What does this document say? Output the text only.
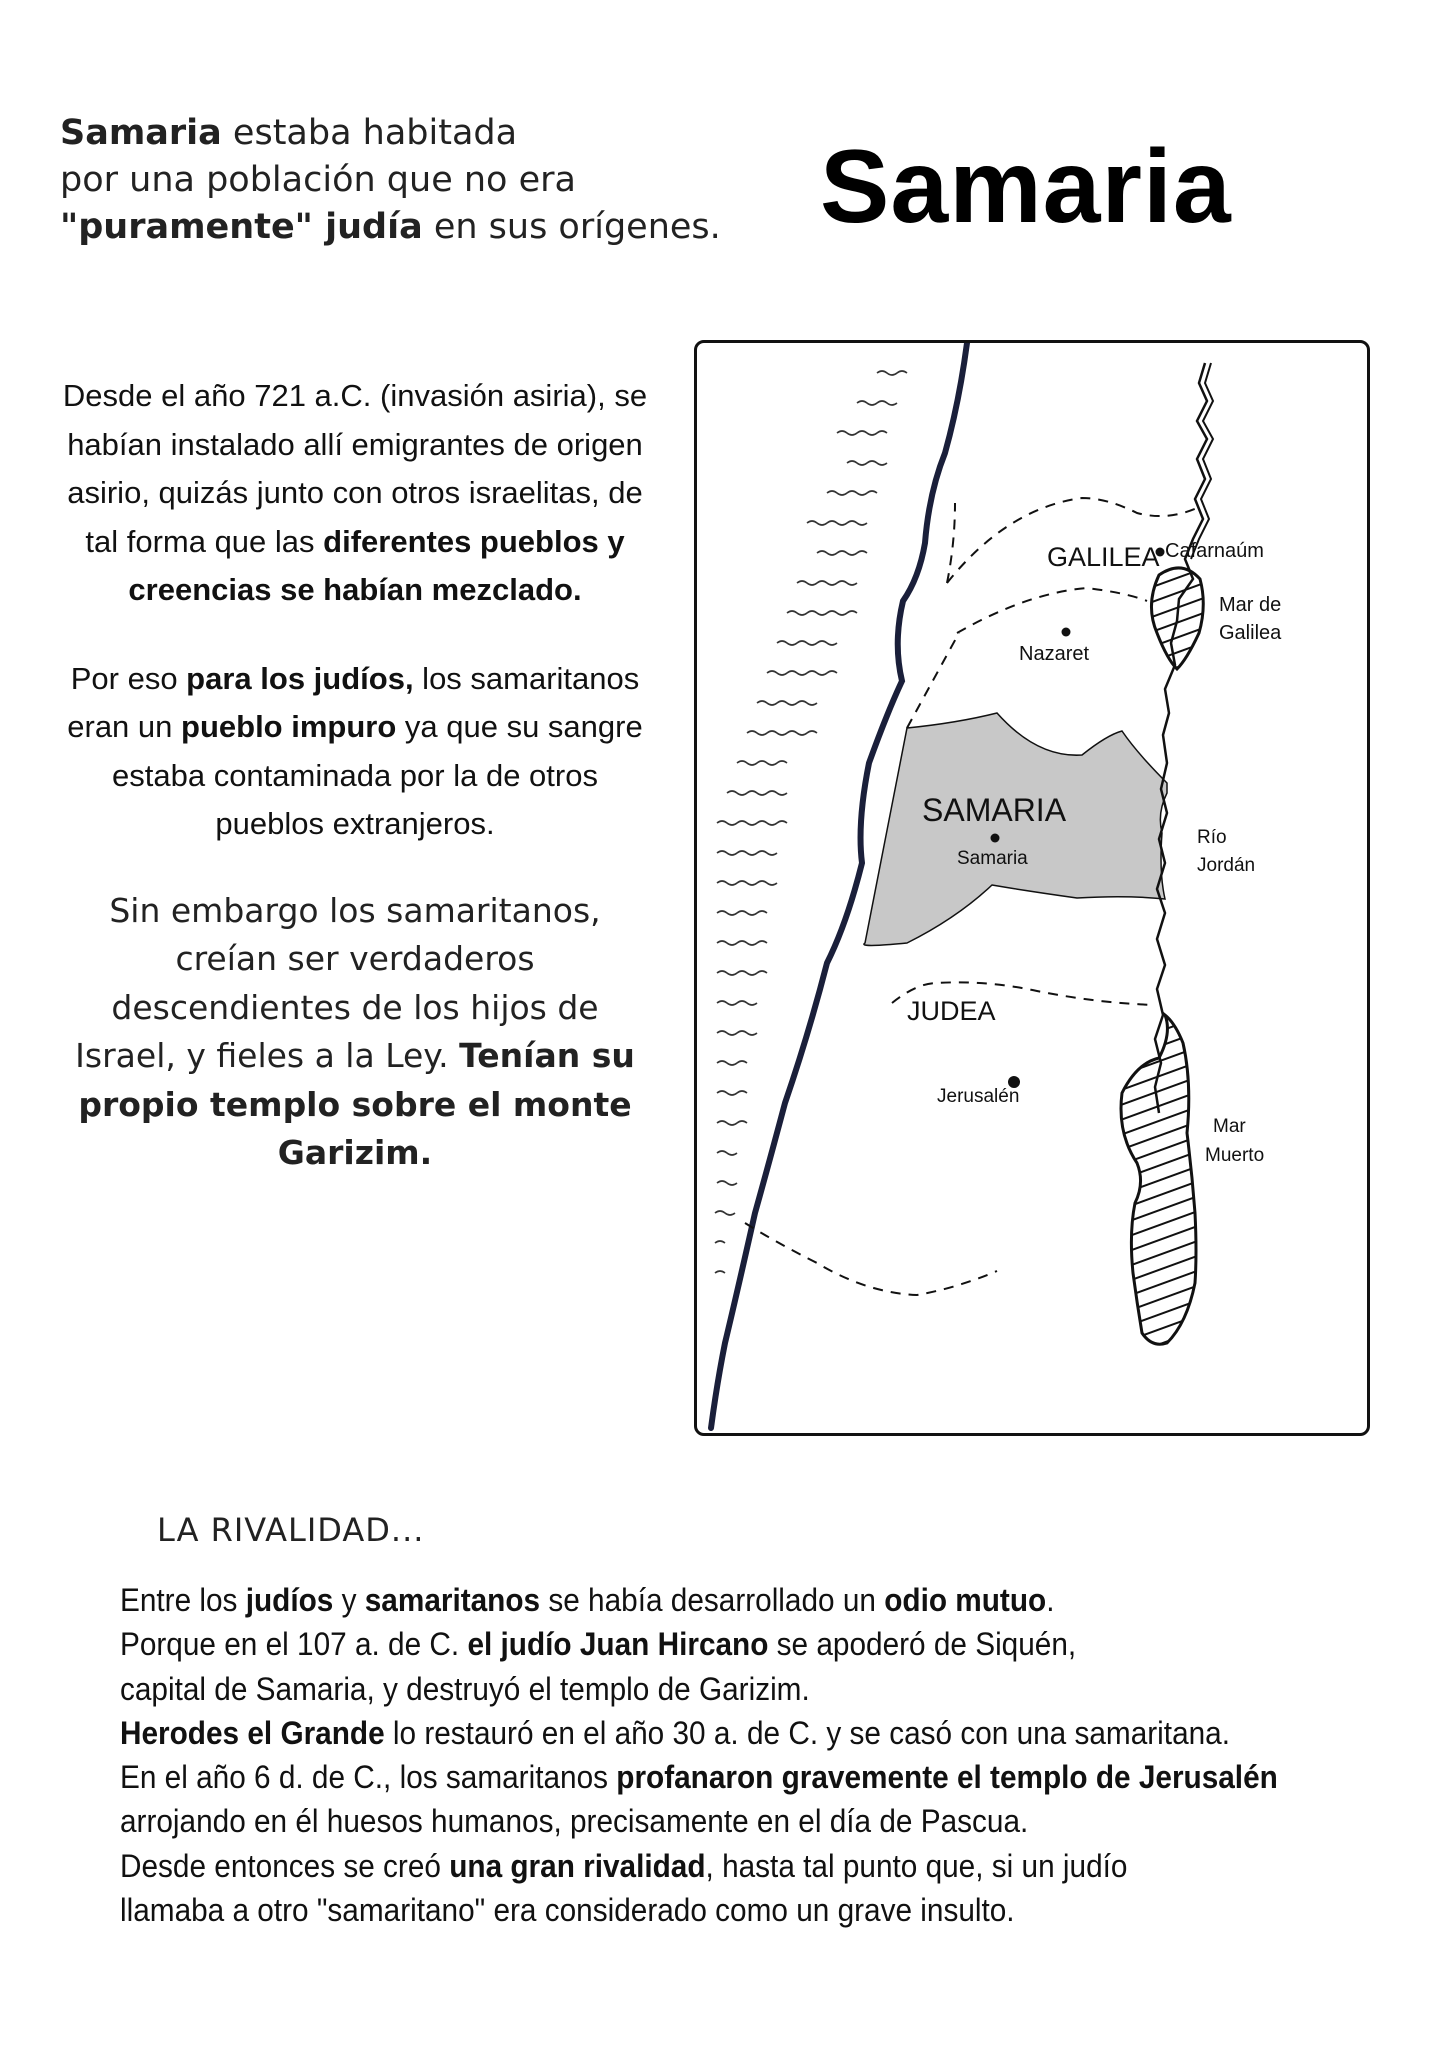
Samaria estaba habitada
por una población que no era
"puramente" judía en sus orígenes. Samaria

Desde el año 721 a.C. (invasión asiria), se habían instalado allí emigrantes de origen asirio, quizás junto con otros israelitas, de tal forma que las diferentes pueblos y creencias se habían mezclado.

Por eso para los judíos, los samaritanos eran un pueblo impuro ya que su sangre estaba contaminada por la de otros pueblos extranjeros.

Sin embargo los samaritanos, creían ser verdaderos descendientes de los hijos de Israel, y fieles a la Ley. Tenían su propio templo sobre el monte Garizim.

GALILEA
SAMARIA
JUDEA
Cafarnaúm
Nazaret
Samaria
Jerusalén
Mar de
Galilea
Río
Jordán
Mar
Muerto
LA RIVALIDAD...
Entre los judíos y samaritanos se había desarrollado un odio mutuo.
Porque en el 107 a. de C. el judío Juan Hircano se apoderó de Siquén,
capital de Samaria, y destruyó el templo de Garizim.
Herodes el Grande lo restauró en el año 30 a. de C. y se casó con una samaritana.
En el año 6 d. de C., los samaritanos profanaron gravemente el templo de Jerusalén
arrojando en él huesos humanos, precisamente en el día de Pascua.
Desde entonces se creó una gran rivalidad, hasta tal punto que, si un judío
llamaba a otro "samaritano" era considerado como un grave insulto.
